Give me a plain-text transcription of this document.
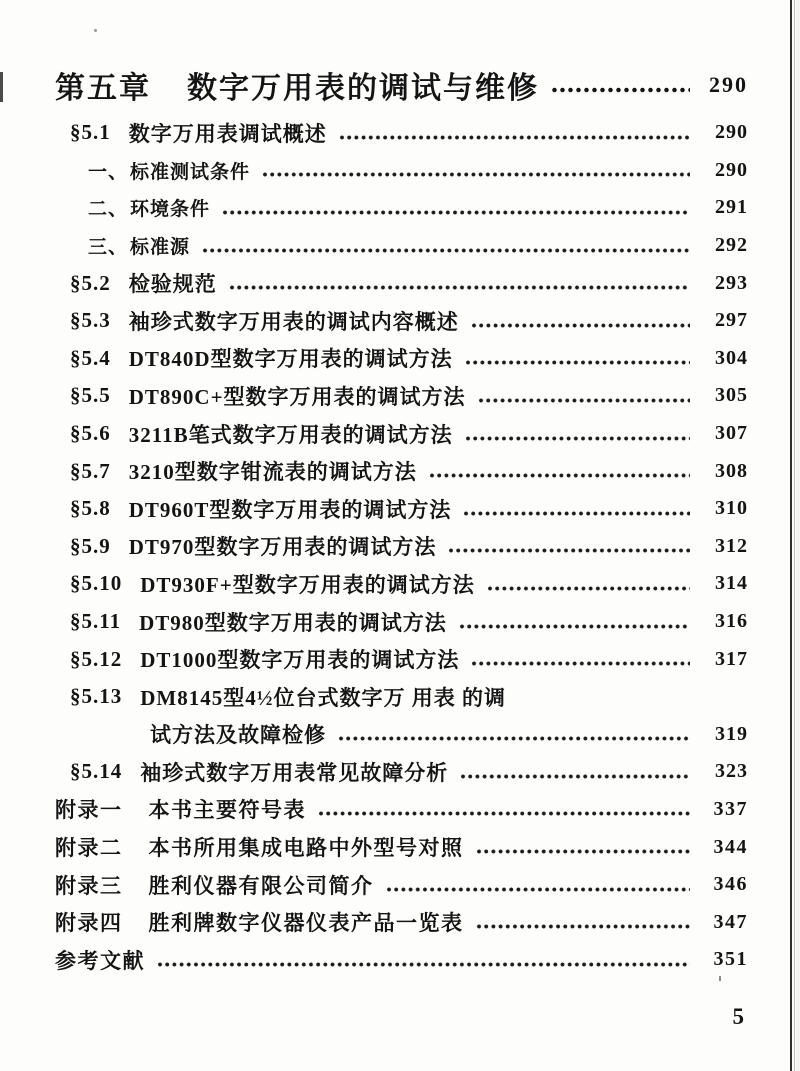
第五章 数字万用表的调试与维修	290
§5.1 数字万用表调试概述	290
一、 标准测试条件	290
二、 环境条件	291
三、 标准源	292
§5.2 检验规范	293
§5.3 袖珍式数字万用表的调试内容概述	297
§5.4 DT840D型数字万用表的调试方法	304
§5.5 DT890C+型数字万用表的调试方法	305
§5.6 3211B笔式数字万用表的调试方法	307
§5.7 3210型数字钳流表的调试方法	308
§5.8 DT960T型数字万用表的调试方法	310
§5.9 DT970型数字万用表的调试方法	312
§5.10 DT930F+型数字万用表的调试方法	314
§5.11 DT980型数字万用表的调试方法	316
§5.12 DT1000型数字万用表的调试方法	317
§5.13 DM8145型4½位台式数字万 用表 的调
试方法及故障检修	319
§5.14 袖珍式数字万用表常见故障分析	323
附录一 本书主要符号表	337
附录二 本书所用集成电路中外型号对照	344
附录三 胜利仪器有限公司简介	346
附录四 胜利牌数字仪器仪表产品一览表	347
参考文献	351
5
